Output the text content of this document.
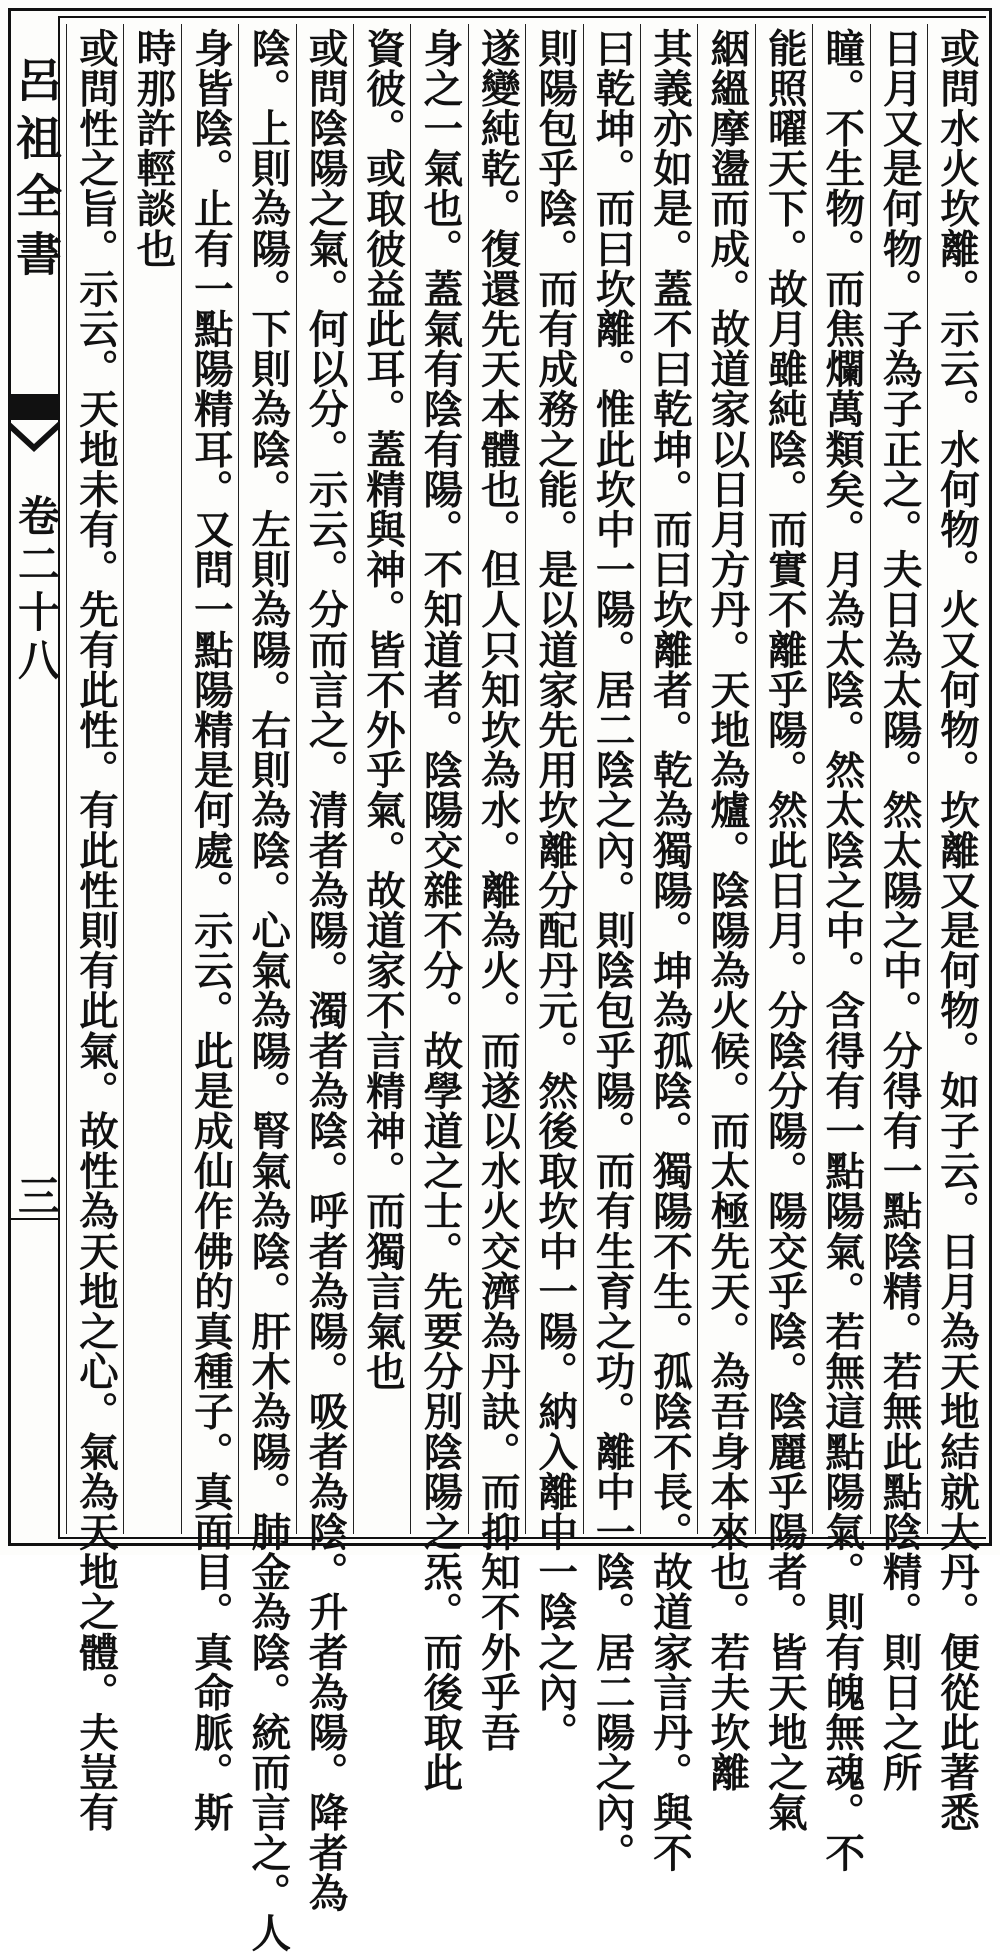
呂祖全書
卷二十八
三	或問水火坎離。示云。水何物。火又何物。坎離又是何物。如子云。日月為天地結就大丹。便從此著悉
日月又是何物。子為子正之。夫日為太陽。然太陽之中。分得有一點陰精。若無此點陰精。則日之所
瞳。不生物。而焦爛萬類矣。月為太陰。然太陰之中。含得有一點陽氣。若無這點陽氣。則有魄無魂。不
能照曜天下。故月雖純陰。而實不離乎陽。然此日月。分陰分陽。陽交乎陰。陰麗乎陽者。皆天地之氣
絪縕摩盪而成。故道家以日月方丹。天地為爐。陰陽為火候。而太極先天。為吾身本來也。若夫坎離
其義亦如是。蓋不曰乾坤。而曰坎離者。乾為獨陽。坤為孤陰。獨陽不生。孤陰不長。故道家言丹。與不
曰乾坤。而曰坎離。惟此坎中一陽。居二陰之內。則陰包乎陽。而有生育之功。離中一陰。居二陽之內。
則陽包乎陰。而有成務之能。是以道家先用坎離分配丹元。然後取坎中一陽。納入離中一陰之內。
遂變純乾。復還先天本體也。但人只知坎為水。離為火。而遂以水火交濟為丹訣。而抑知不外乎吾
身之一氣也。蓋氣有陰有陽。不知道者。陰陽交雜不分。故學道之士。先要分別陰陽之炁。而後取此
資彼。或取彼益此耳。蓋精與神。皆不外乎氣。故道家不言精神。而獨言氣也
或問陰陽之氣。何以分。示云。分而言之。清者為陽。濁者為陰。呼者為陽。吸者為陰。升者為陽。降者為
陰。上則為陽。下則為陰。左則為陽。右則為陰。心氣為陽。腎氣為陰。肝木為陽。肺金為陰。統而言之。人
身皆陰。止有一點陽精耳。又問一點陽精是何處。示云。此是成仙作佛的真種子。真面目。真命脈。斯
時那許輕談也
或問性之旨。示云。天地未有。先有此性。有此性則有此氣。故性為天地之心。氣為天地之體。夫豈有
